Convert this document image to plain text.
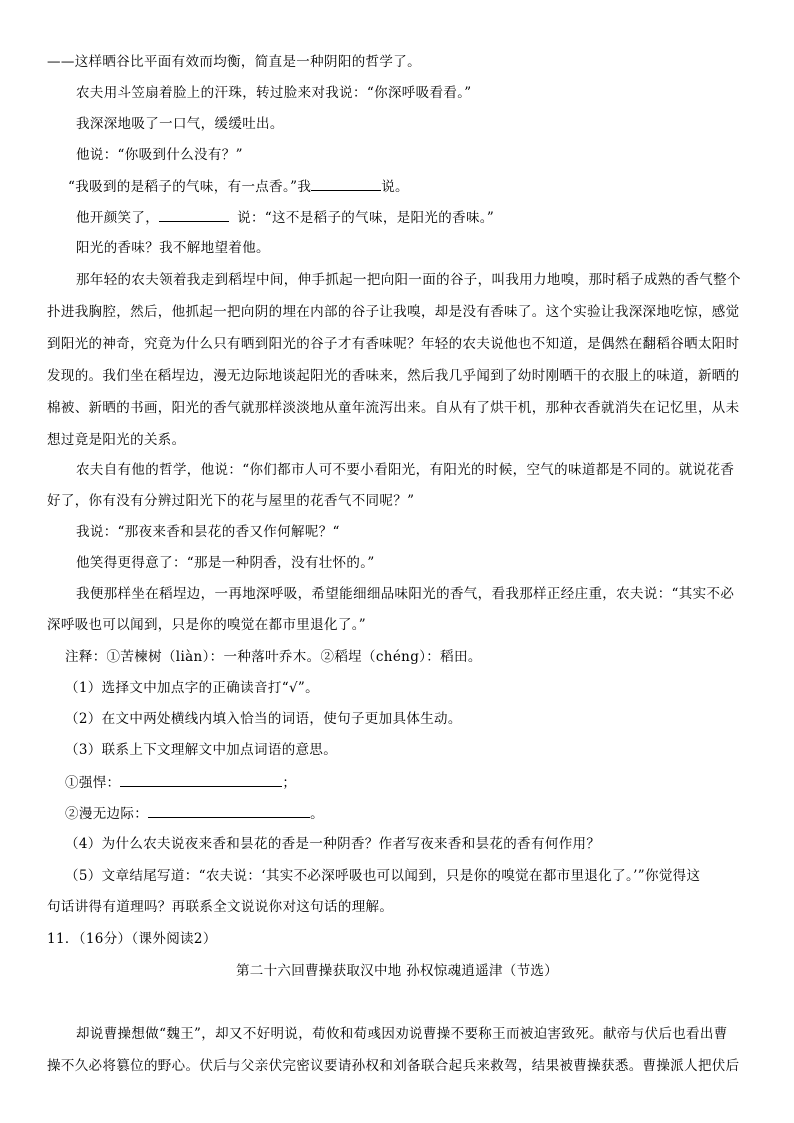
——这样晒谷比平面有效而均衡，简直是一种阴阳的哲学了。
农夫用斗笠扇着脸上的汗珠，转过脸来对我说：“你深呼吸看看。”
我深深地吸了一口气，缓缓吐出。
他说：“你吸到什么没有？”
“我吸到的是稻子的气味，有一点香。”我	说。
他开颜笑了，	说：“这不是稻子的气味，是阳光的香味。”
阳光的香味？我不解地望着他。
那年轻的农夫领着我走到稻埕中间，伸手抓起一把向阳一面的谷子，叫我用力地嗅，那时稻子成熟的香气整个
扑进我胸腔，然后，他抓起一把向阴的埋在内部的谷子让我嗅，却是没有香味了。这个实验让我深深地吃惊，感觉
到阳光的神奇，究竟为什么只有晒到阳光的谷子才有香味呢？年轻的农夫说他也不知道，是偶然在翻稻谷晒太阳时
发现的。我们坐在稻埕边，漫无边际地谈起阳光的香味来，然后我几乎闻到了幼时刚晒干的衣服上的味道，新晒的
棉被、新晒的书画，阳光的香气就那样淡淡地从童年流泻出来。自从有了烘干机，那种衣香就消失在记忆里，从未
想过竟是阳光的关系。
农夫自有他的哲学，他说：“你们都市人可不要小看阳光，有阳光的时候，空气的味道都是不同的。就说花香
好了，你有没有分辨过阳光下的花与屋里的花香气不同呢？”
我说：“那夜来香和昙花的香又作何解呢？“
他笑得更得意了：“那是一种阴香，没有壮怀的。”
我便那样坐在稻埕边，一再地深呼吸，希望能细细品味阳光的香气，看我那样正经庄重，农夫说：“其实不必
深呼吸也可以闻到，只是你的嗅觉在都市里退化了。”
注释：①苦楝树（liàn）：一种落叶乔木。②稻埕（chéng）：稻田。
（1）选择文中加点字的正确读音打“√”。
（2）在文中两处横线内填入恰当的词语，使句子更加具体生动。
（3）联系上下文理解文中加点词语的意思。
①强悍：	；
②漫无边际：	。
（4）为什么农夫说夜来香和昙花的香是一种阴香？作者写夜来香和昙花的香有何作用？
（5）文章结尾写道：“农夫说：‘其实不必深呼吸也可以闻到，只是你的嗅觉在都市里退化了。’”你觉得这
句话讲得有道理吗？再联系全文说说你对这句话的理解。
11．（16分）（课外阅读2）
第二十六回曹操获取汉中地 孙权惊魂逍遥津（节选）
却说曹操想做“魏王”，却又不好明说，荀攸和荀彧因劝说曹操不要称王而被迫害致死。献帝与伏后也看出曹
操不久必将篡位的野心。伏后与父亲伏完密议要请孙权和刘备联合起兵来救驾，结果被曹操获悉。曹操派人把伏后
